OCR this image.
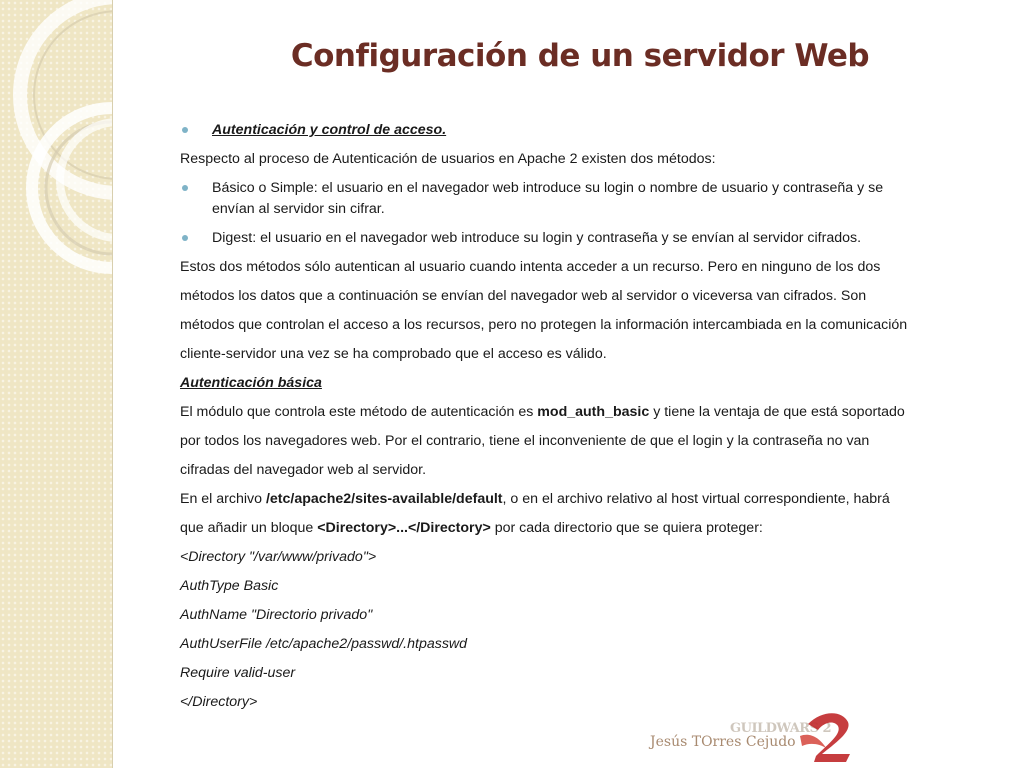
Configuración de un servidor Web
Autenticación y control de acceso.
Respecto al proceso de Autenticación de usuarios en Apache 2 existen dos métodos:
Básico o Simple: el usuario en el navegador web introduce su login o nombre de usuario y contraseña y se
envían al servidor sin cifrar.
Digest: el usuario en el navegador web introduce su login y contraseña y se envían al servidor cifrados.
Estos dos métodos sólo autentican al usuario cuando intenta acceder a un recurso. Pero en ninguno de los dos
métodos los datos que a continuación se envían del navegador web al servidor o viceversa van cifrados. Son
métodos que controlan el acceso a los recursos, pero no protegen la información intercambiada en la comunicación
cliente-servidor una vez se ha comprobado que el acceso es válido.
Autenticación básica
El módulo que controla este método de autenticación es mod_auth_basic y tiene la ventaja de que está soportado
por todos los navegadores web. Por el contrario, tiene el inconveniente de que el login y la contraseña no van
cifradas del navegador web al servidor.
En el archivo /etc/apache2/sites-available/default, o en el archivo relativo al host virtual correspondiente, habrá
que añadir un bloque <Directory>...</Directory> por cada directorio que se quiera proteger:
<Directory "/var/www/privado">
AuthType Basic
AuthName "Directorio privado"
AuthUserFile /etc/apache2/passwd/.htpasswd
Require valid-user
</Directory>
GUILDWARS 2
Jesús TOrres Cejudo
